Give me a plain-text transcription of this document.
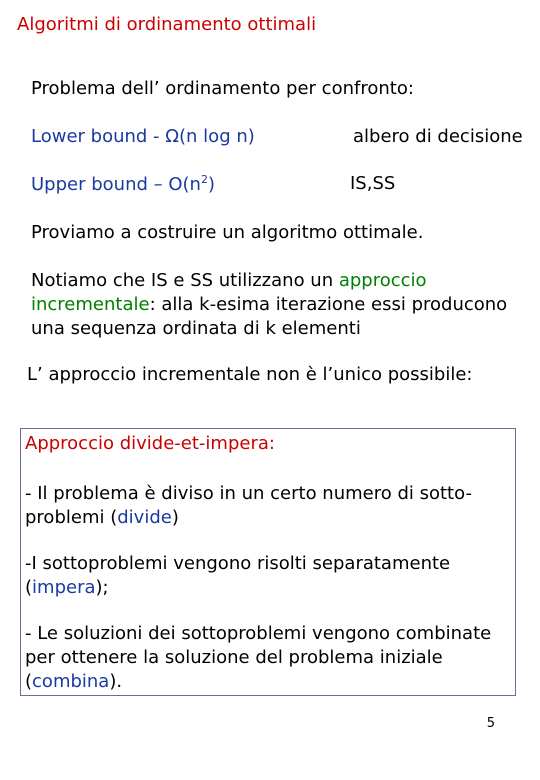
Algoritmi di ordinamento ottimali
Problema dell’ ordinamento per confronto:
Lower bound - Ω(n log n)	albero di decisione
Upper bound – $O(n^2)$	IS,SS
Proviamo a costruire un algoritmo ottimale.
Notiamo che IS e SS utilizzano un approccio
incrementale: alla k-esima iterazione essi producono
una sequenza ordinata di k elementi
L’ approccio incrementale non è l’unico possibile:
Approccio divide-et-impera:
- Il problema è diviso in un certo numero di sotto-
problemi (divide)
-I sottoproblemi vengono risolti separatamente
(impera);
- Le soluzioni dei sottoproblemi vengono combinate
per ottenere la soluzione del problema iniziale
(combina).
5
